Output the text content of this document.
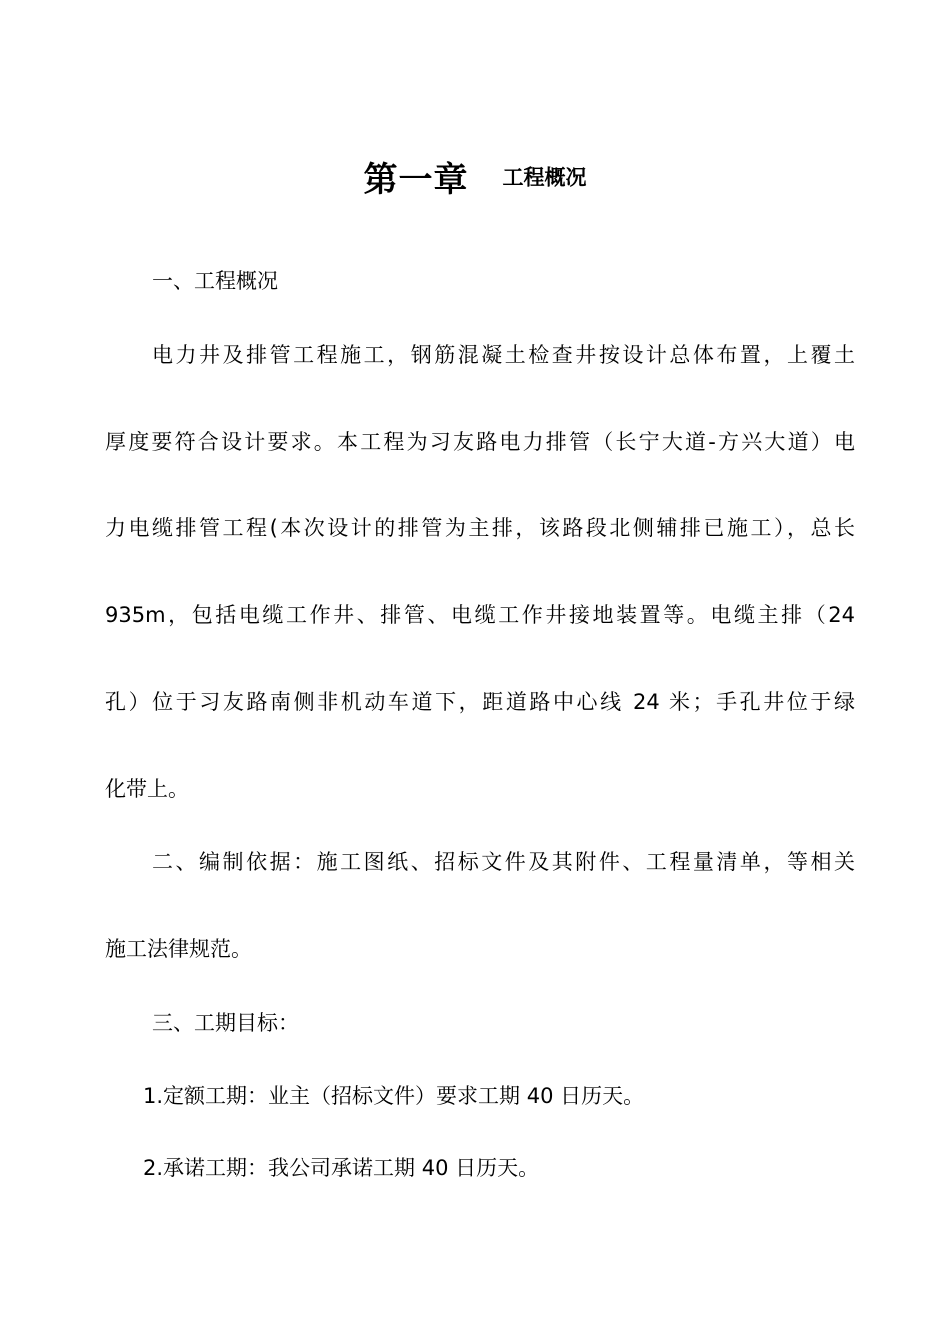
第一章 工程概况
一、工程概况
电力井及排管工程施工，钢筋混凝土检查井按设计总体布置，上覆土
厚度要符合设计要求。本工程为习友路电力排管（长宁大道-方兴大道）电
力电缆排管工程(本次设计的排管为主排，该路段北侧辅排已施工），总长
935m，包括电缆工作井、排管、电缆工作井接地装置等。电缆主排（24
孔）位于习友路南侧非机动车道下，距道路中心线 24 米；手孔井位于绿
化带上。
二、编制依据：施工图纸、招标文件及其附件、工程量清单，等相关
施工法律规范。
三、工期目标：
1.定额工期：业主（招标文件）要求工期 40 日历天。
2.承诺工期：我公司承诺工期 40 日历天。
